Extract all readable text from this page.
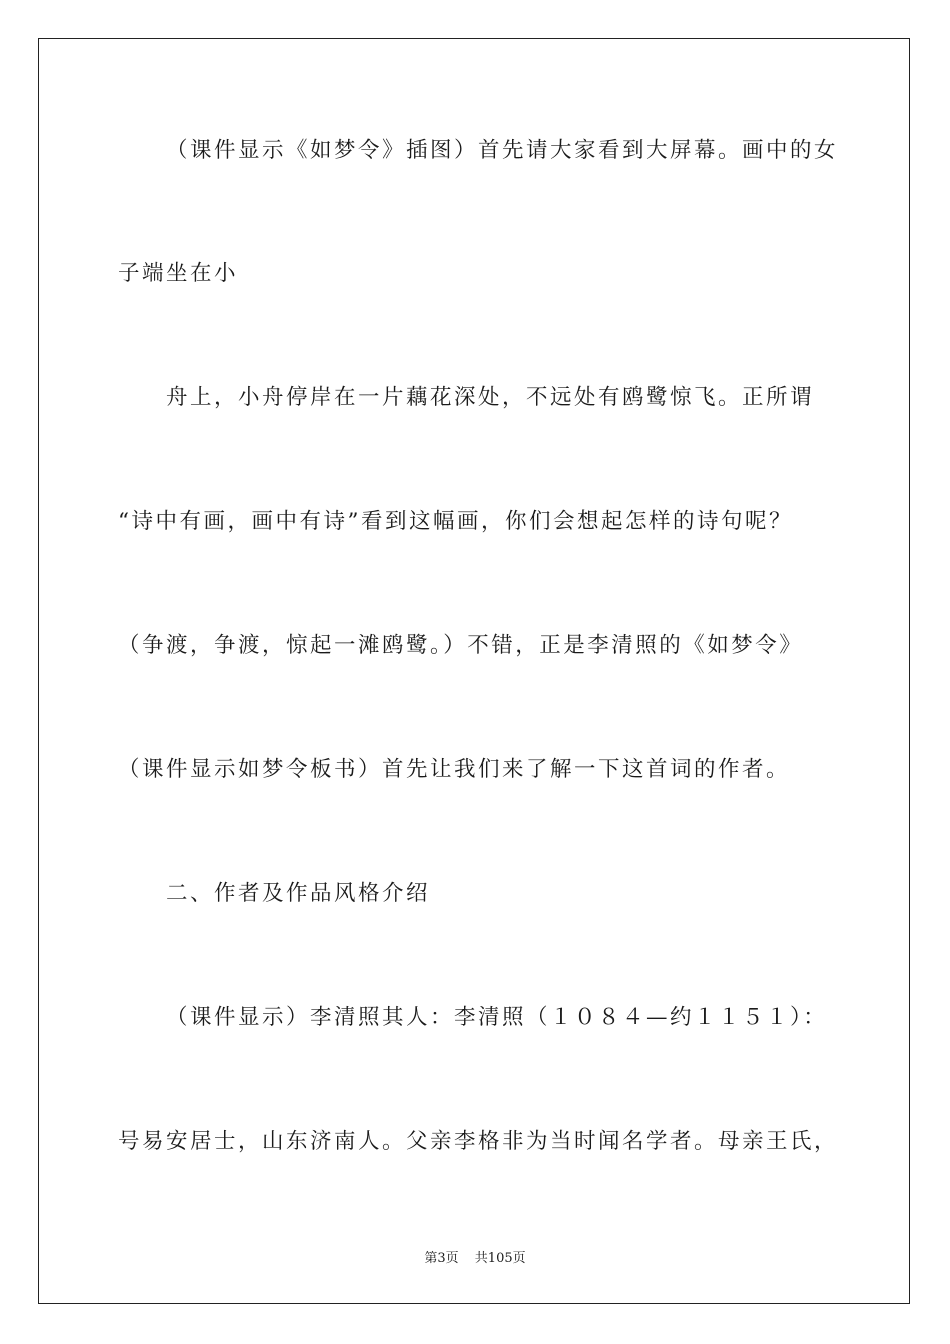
（课件显示《如梦令》插图）首先请大家看到大屏幕。画中的女
子端坐在小
舟上，小舟停岸在一片藕花深处，不远处有鸥鹭惊飞。正所谓
“诗中有画，画中有诗”看到这幅画，你们会想起怎样的诗句呢？
（争渡，争渡，惊起一滩鸥鹭。）不错，正是李清照的《如梦令》
（课件显示如梦令板书）首先让我们来了解一下这首词的作者。
二、作者及作品风格介绍
（课件显示）李清照其人：李清照（１０８４—约１１５１）：
号易安居士，山东济南人。父亲李格非为当时闻名学者。母亲王氏，
第3页 共105页
